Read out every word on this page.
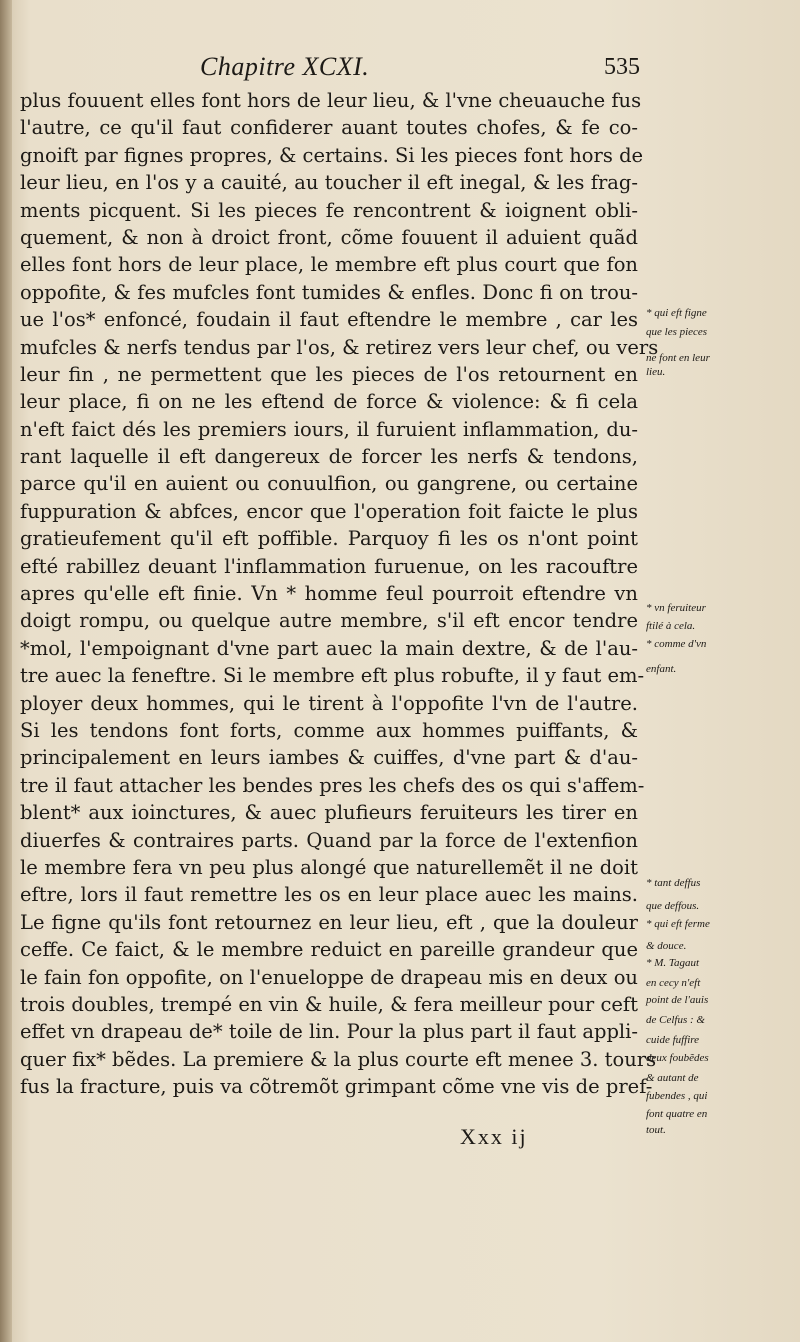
Chapitre XCXI.	535
plus fouuent elles font hors de leur lieu, & l'vne cheuauche fus
l'autre, ce qu'il faut confiderer auant toutes chofes, & fe co-
gnoift par fignes propres, & certains. Si les pieces font hors de
leur lieu, en l'os y a cauité, au toucher il eft inegal, & les frag-
ments picquent. Si les pieces fe rencontrent & ioignent obli-
quement, & non à droict front, cõme fouuent il aduient quãd
elles font hors de leur place, le membre eft plus court que fon
oppofite, & fes mufcles font tumides & enfles. Donc fi on trou-
ue l'os* enfoncé, foudain il faut eftendre le membre , car les
mufcles & nerfs tendus par l'os, & retirez vers leur chef, ou vers
leur fin , ne permettent que les pieces de l'os retournent en
leur place, fi on ne les eftend de force & violence: & fi cela
n'eft faict dés les premiers iours, il furuient inflammation, du-
rant laquelle il eft dangereux de forcer les nerfs & tendons,
parce qu'il en auient ou conuulfion, ou gangrene, ou certaine
fuppuration & abfces, encor que l'operation foit faicte le plus
gratieufement qu'il eft poffible. Parquoy fi les os n'ont point
efté rabillez deuant l'inflammation furuenue, on les racouftre
apres qu'elle eft finie. Vn * homme feul pourroit eftendre vn
doigt rompu, ou quelque autre membre, s'il eft encor tendre
*mol, l'empoignant d'vne part auec la main dextre, & de l'au-
tre auec la feneftre. Si le membre eft plus robufte, il y faut em-
ployer deux hommes, qui le tirent à l'oppofite l'vn de l'autre.
Si les tendons font forts, comme aux hommes puiffants, &
principalement en leurs iambes & cuiffes, d'vne part & d'au-
tre il faut attacher les bendes pres les chefs des os qui s'affem-
blent* aux ioinctures, & auec plufieurs feruiteurs les tirer en
diuerfes & contraires parts. Quand par la force de l'extenfion
le membre fera vn peu plus alongé que naturellemẽt il ne doit
eftre, lors il faut remettre les os en leur place auec les mains.
Le figne qu'ils font retournez en leur lieu, eft , que la douleur
ceffe. Ce faict, & le membre reduict en pareille grandeur que
le fain fon oppofite, on l'enueloppe de drapeau mis en deux ou
trois doubles, trempé en vin & huile, & fera meilleur pour ceft
effet vn drapeau de* toile de lin. Pour la plus part il faut appli-
quer fix* bẽdes. La premiere & la plus courte eft menee 3. tours
fus la fracture, puis va cõtremõt grimpant cõme vne vis de pref-
* qui eft figne
que les pieces
ne font en leur
lieu.
* vn feruiteur
ftilé à cela.
* comme d'vn
enfant.
* tant deffus
que deffous.
* qui eft ferme
& douce.
* M. Tagaut
en cecy n'eft
point de l'auis
de Celfus : &
cuide fuffire
deux foubẽdes
& autant de
fubendes , qui
font quatre en
tout.
Xxx ij
